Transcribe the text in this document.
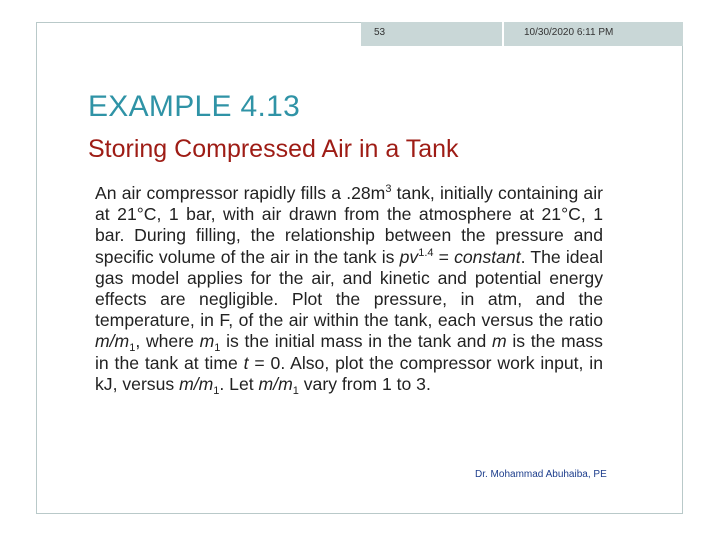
53	10/30/2020 6:11 PM
EXAMPLE 4.13
Storing Compressed Air in a Tank

An air compressor rapidly fills a $.28m^3$ tank, initially containing air at 21°C, 1 bar, with air drawn from the atmosphere at 21°C, 1 bar. During filling, the relationship between the pressure and specific volume of the air in the tank is $pv^{1.4}$ = constant. The ideal gas model applies for the air, and kinetic and potential energy effects are negligible. Plot the pressure, in atm, and the temperature, in F, of the air within the tank, each versus the ratio $m/m_1$, where $m_1$ is the initial mass in the tank and m is the mass in the tank at time t = 0. Also, plot the compressor work input, in kJ, versus $m/m_1$. Let $m/m_1$ vary from 1 to 3.

Dr. Mohammad Abuhaiba, PE
